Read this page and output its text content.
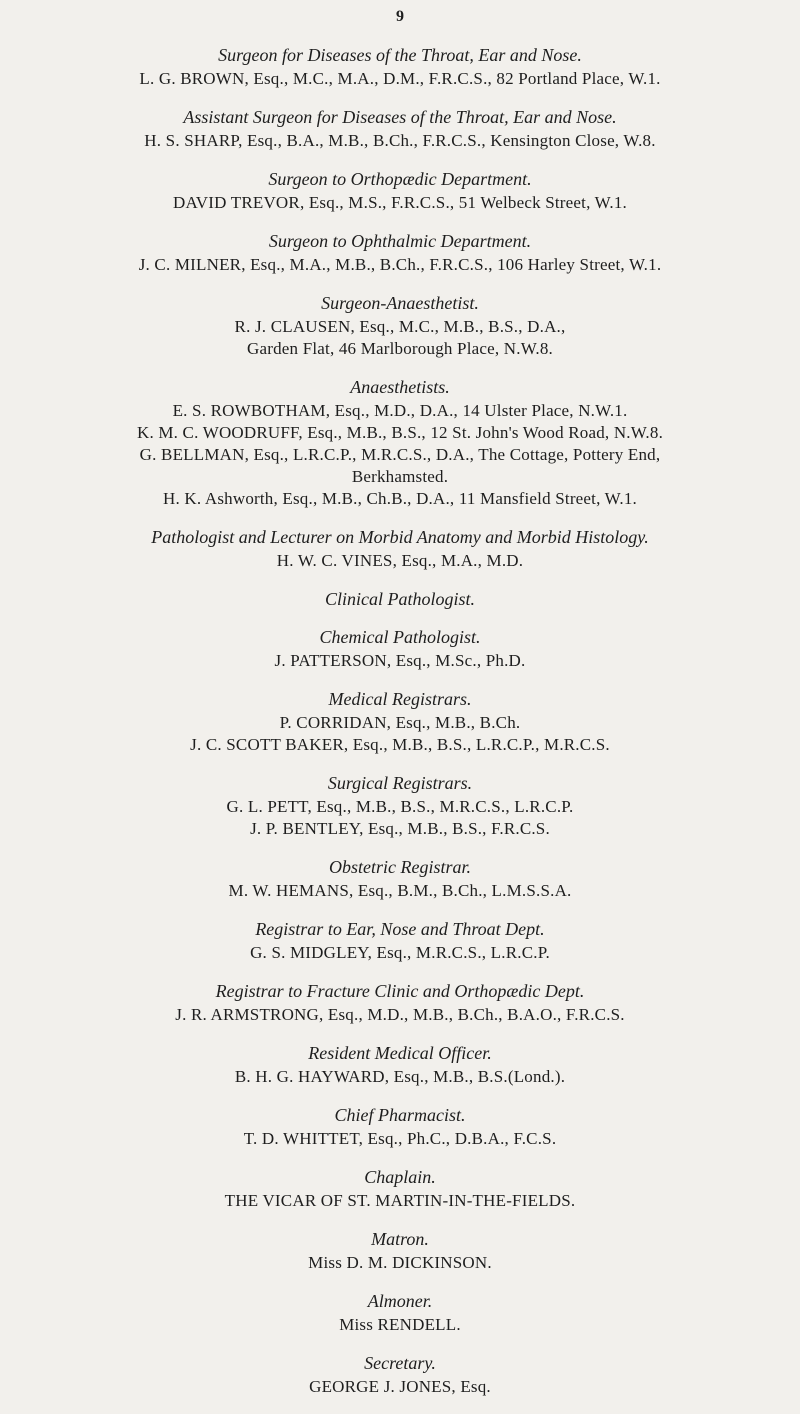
9
Surgeon for Diseases of the Throat, Ear and Nose.
L. G. BROWN, Esq., M.C., M.A., D.M., F.R.C.S., 82 Portland Place, W.1.
Assistant Surgeon for Diseases of the Throat, Ear and Nose.
H. S. SHARP, Esq., B.A., M.B., B.Ch., F.R.C.S., Kensington Close, W.8.
Surgeon to Orthopædic Department.
DAVID TREVOR, Esq., M.S., F.R.C.S., 51 Welbeck Street, W.1.
Surgeon to Ophthalmic Department.
J. C. MILNER, Esq., M.A., M.B., B.Ch., F.R.C.S., 106 Harley Street, W.1.
Surgeon-Anaesthetist.
R. J. CLAUSEN, Esq., M.C., M.B., B.S., D.A.,
Garden Flat, 46 Marlborough Place, N.W.8.
Anaesthetists.
E. S. ROWBOTHAM, Esq., M.D., D.A., 14 Ulster Place, N.W.1.
K. M. C. WOODRUFF, Esq., M.B., B.S., 12 St. John's Wood Road, N.W.8.
G. BELLMAN, Esq., L.R.C.P., M.R.C.S., D.A., The Cottage, Pottery End,
Berkhamsted.
H. K. Ashworth, Esq., M.B., Ch.B., D.A., 11 Mansfield Street, W.1.
Pathologist and Lecturer on Morbid Anatomy and Morbid Histology.
H. W. C. VINES, Esq., M.A., M.D.
Clinical Pathologist.
Chemical Pathologist.
J. PATTERSON, Esq., M.Sc., Ph.D.
Medical Registrars.
P. CORRIDAN, Esq., M.B., B.Ch.
J. C. SCOTT BAKER, Esq., M.B., B.S., L.R.C.P., M.R.C.S.
Surgical Registrars.
G. L. PETT, Esq., M.B., B.S., M.R.C.S., L.R.C.P.
J. P. BENTLEY, Esq., M.B., B.S., F.R.C.S.
Obstetric Registrar.
M. W. HEMANS, Esq., B.M., B.Ch., L.M.S.S.A.
Registrar to Ear, Nose and Throat Dept.
G. S. MIDGLEY, Esq., M.R.C.S., L.R.C.P.
Registrar to Fracture Clinic and Orthopædic Dept.
J. R. ARMSTRONG, Esq., M.D., M.B., B.Ch., B.A.O., F.R.C.S.
Resident Medical Officer.
B. H. G. HAYWARD, Esq., M.B., B.S.(Lond.).
Chief Pharmacist.
T. D. WHITTET, Esq., Ph.C., D.B.A., F.C.S.
Chaplain.
THE VICAR OF ST. MARTIN-IN-THE-FIELDS.
Matron.
Miss D. M. DICKINSON.
Almoner.
Miss RENDELL.
Secretary.
GEORGE J. JONES, Esq.
